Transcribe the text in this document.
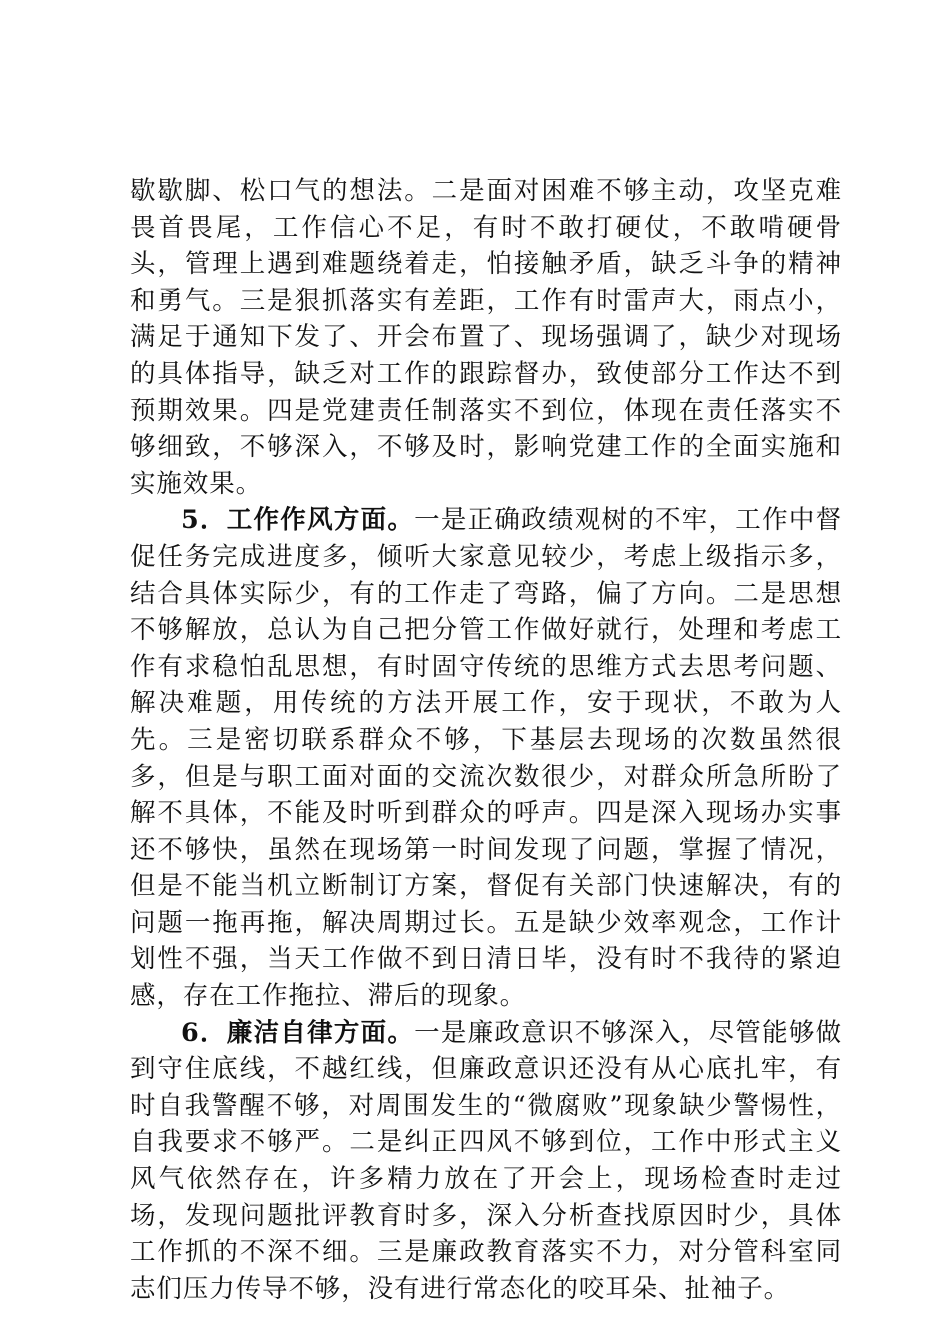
歇歇脚、松口气的想法。二是面对困难不够主动，攻坚克难畏首畏尾，工作信心不足，有时不敢打硬仗，不敢啃硬骨头，管理上遇到难题绕着走，怕接触矛盾，缺乏斗争的精神和勇气。三是狠抓落实有差距，工作有时雷声大，雨点小，满足于通知下发了、开会布置了、现场强调了，缺少对现场的具体指导，缺乏对工作的跟踪督办，致使部分工作达不到预期效果。四是党建责任制落实不到位，体现在责任落实不够细致，不够深入，不够及时，影响党建工作的全面实施和实施效果。

5．工作作风方面。一是正确政绩观树的不牢，工作中督促任务完成进度多，倾听大家意见较少，考虑上级指示多，结合具体实际少，有的工作走了弯路，偏了方向。二是思想不够解放，总认为自己把分管工作做好就行，处理和考虑工作有求稳怕乱思想，有时固守传统的思维方式去思考问题、解决难题，用传统的方法开展工作，安于现状，不敢为人先。三是密切联系群众不够，下基层去现场的次数虽然很多，但是与职工面对面的交流次数很少，对群众所急所盼了解不具体，不能及时听到群众的呼声。四是深入现场办实事还不够快，虽然在现场第一时间发现了问题，掌握了情况，但是不能当机立断制订方案，督促有关部门快速解决，有的问题一拖再拖，解决周期过长。五是缺少效率观念，工作计划性不强，当天工作做不到日清日毕，没有时不我待的紧迫感，存在工作拖拉、滞后的现象。

6．廉洁自律方面。一是廉政意识不够深入，尽管能够做到守住底线，不越红线，但廉政意识还没有从心底扎牢，有时自我警醒不够，对周围发生的“微腐败”现象缺少警惕性，自我要求不够严。二是纠正四风不够到位，工作中形式主义风气依然存在，许多精力放在了开会上，现场检查时走过场，发现问题批评教育时多，深入分析查找原因时少，具体工作抓的不深不细。三是廉政教育落实不力，对分管科室同志们压力传导不够，没有进行常态化的咬耳朵、扯袖子。
